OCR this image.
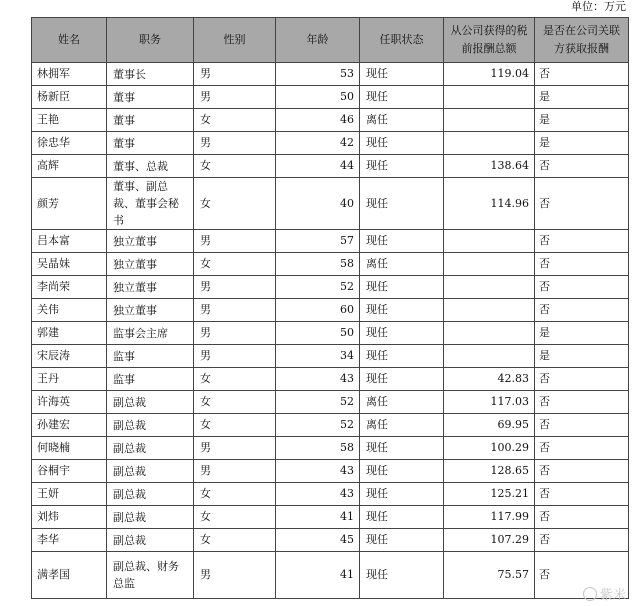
单位：万元
姓名	职务	性别	年龄	任职状态	从公司获得的税前报酬总额	是否在公司关联方获取报酬
林拥军	董事长	男	53	现任	119.04	否
杨新臣	董事	男	50	现任		是
王艳	董事	女	46	离任		是
徐忠华	董事	男	42	现任		是
高辉	董事、总裁	女	44	现任	138.64	否
颜芳	董事、副总裁、董事会秘书	女	40	现任	114.96	否
吕本富	独立董事	男	57	现任		否
吴晶妹	独立董事	女	58	离任		否
李尚荣	独立董事	男	52	现任		否
关伟	独立董事	男	60	现任		否
郭建	监事会主席	男	50	现任		是
宋辰涛	监事	男	34	现任		是
王丹	监事	女	43	现任	42.83	否
许海英	副总裁	女	52	离任	117.03	否
孙建宏	副总裁	女	52	离任	69.95	否
何晓楠	副总裁	男	58	现任	100.29	否
谷桐宇	副总裁	男	43	现任	128.65	否
王妍	副总裁	女	43	现任	125.21	否
刘炜	副总裁	女	41	现任	117.99	否
李华	副总裁	女	45	现任	107.29	否
满孝国	副总裁、财务总监	男	41	现任	75.57	否
紫米
